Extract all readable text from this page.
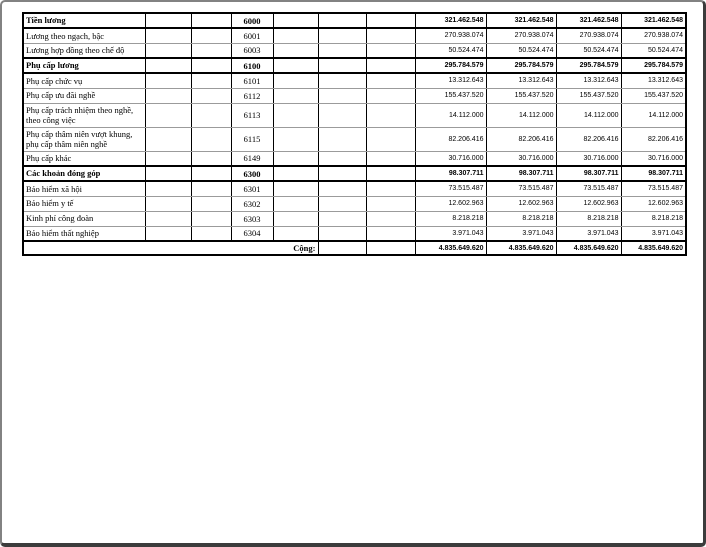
Tiền lương			6000				321.462.548	321.462.548	321.462.548	321.462.548
Lương theo ngạch, bậc			6001				270.938.074	270.938.074	270.938.074	270.938.074
Lương hợp đồng theo chế độ			6003				50.524.474	50.524.474	50.524.474	50.524.474
Phụ cấp lương			6100				295.784.579	295.784.579	295.784.579	295.784.579
Phụ cấp chức vụ			6101				13.312.643	13.312.643	13.312.643	13.312.643
Phụ cấp ưu đãi nghề			6112				155.437.520	155.437.520	155.437.520	155.437.520
Phụ cấp trách nhiệm theo nghề, theo công việc			6113				14.112.000	14.112.000	14.112.000	14.112.000
Phụ cấp thâm niên vượt khung, phụ cấp thâm niên nghề			6115				82.206.416	82.206.416	82.206.416	82.206.416
Phụ cấp khác			6149				30.716.000	30.716.000	30.716.000	30.716.000
Các khoản đóng góp			6300				98.307.711	98.307.711	98.307.711	98.307.711
Bảo hiểm xã hội			6301				73.515.487	73.515.487	73.515.487	73.515.487
Bảo hiểm y tế			6302				12.602.963	12.602.963	12.602.963	12.602.963
Kinh phí công đoàn			6303				8.218.218	8.218.218	8.218.218	8.218.218
Bảo hiểm thất nghiệp			6304				3.971.043	3.971.043	3.971.043	3.971.043
Cộng:							4.835.649.620	4.835.649.620	4.835.649.620	4.835.649.620
